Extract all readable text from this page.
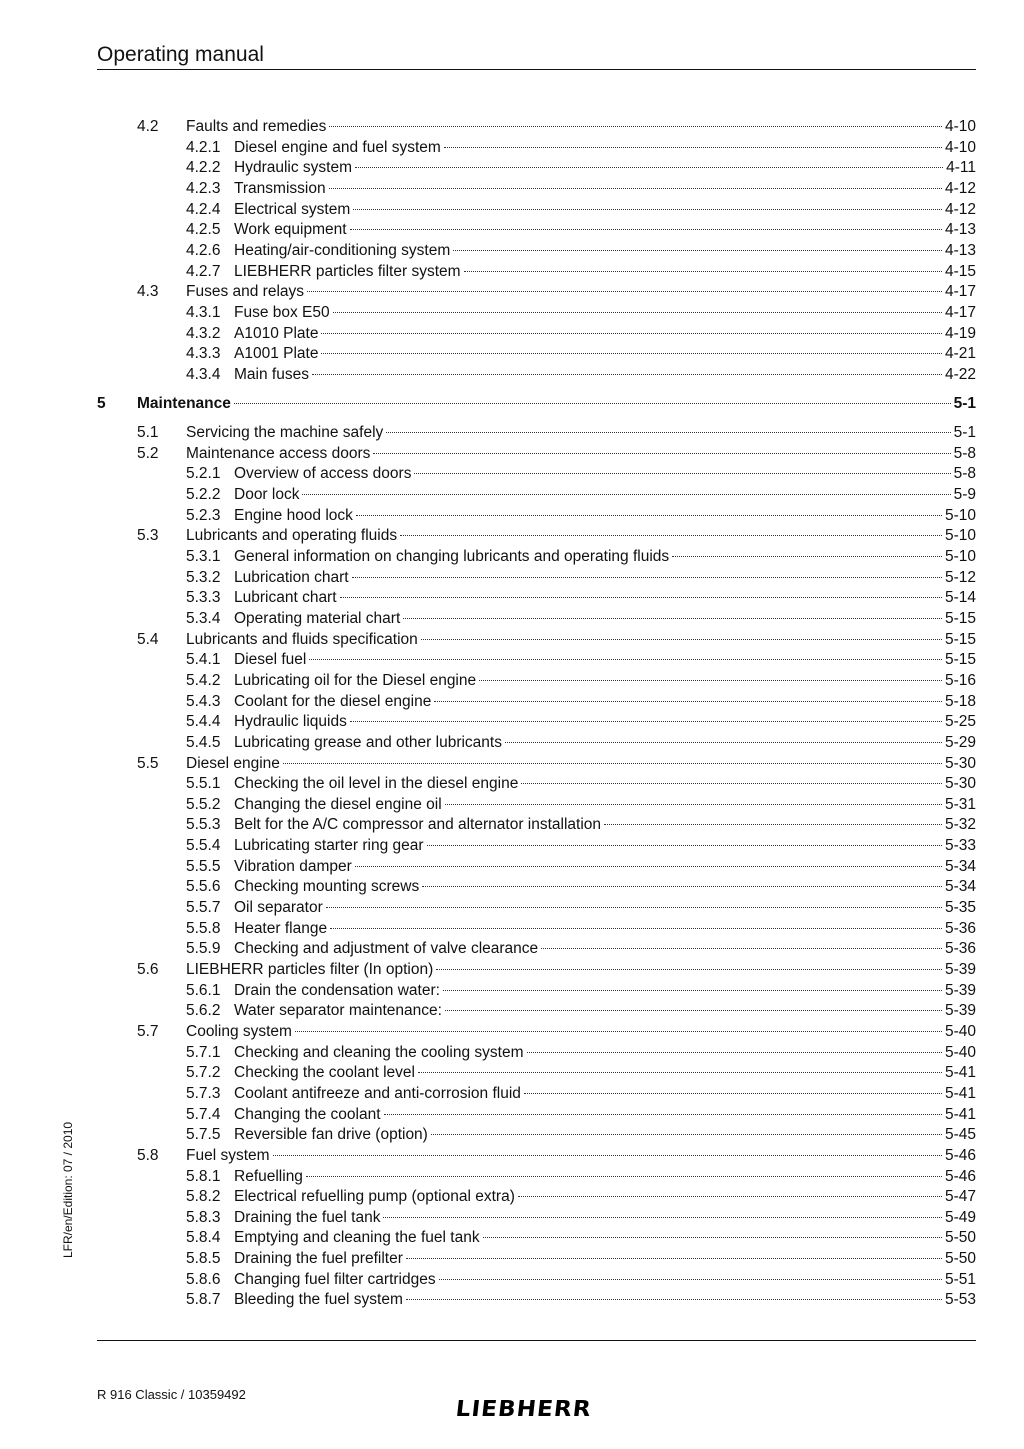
Operating manual
4.2 Faults and remedies	4-10
4.2.1 Diesel engine and fuel system	4-10
4.2.2 Hydraulic system	4-11
4.2.3 Transmission	4-12
4.2.4 Electrical system	4-12
4.2.5 Work equipment	4-13
4.2.6 Heating/air-conditioning system	4-13
4.2.7 LIEBHERR particles filter system	4-15
4.3 Fuses and relays	4-17
4.3.1 Fuse box E50	4-17
4.3.2 A1010 Plate	4-19
4.3.3 A1001 Plate	4-21
4.3.4 Main fuses	4-22
5 Maintenance	5-1
5.1 Servicing the machine safely	5-1
5.2 Maintenance access doors	5-8
5.2.1 Overview of access doors	5-8
5.2.2 Door lock	5-9
5.2.3 Engine hood lock	5-10
5.3 Lubricants and operating fluids	5-10
5.3.1 General information on changing lubricants and operating fluids	5-10
5.3.2 Lubrication chart	5-12
5.3.3 Lubricant chart	5-14
5.3.4 Operating material chart	5-15
5.4 Lubricants and fluids specification	5-15
5.4.1 Diesel fuel	5-15
5.4.2 Lubricating oil for the Diesel engine	5-16
5.4.3 Coolant for the diesel engine	5-18
5.4.4 Hydraulic liquids	5-25
5.4.5 Lubricating grease and other lubricants	5-29
5.5 Diesel engine	5-30
5.5.1 Checking the oil level in the diesel engine	5-30
5.5.2 Changing the diesel engine oil	5-31
5.5.3 Belt for the A/C compressor and alternator installation	5-32
5.5.4 Lubricating starter ring gear	5-33
5.5.5 Vibration damper	5-34
5.5.6 Checking mounting screws	5-34
5.5.7 Oil separator	5-35
5.5.8 Heater flange	5-36
5.5.9 Checking and adjustment of valve clearance	5-36
5.6 LIEBHERR particles filter (In option)	5-39
5.6.1 Drain the condensation water:	5-39
5.6.2 Water separator maintenance:	5-39
5.7 Cooling system	5-40
5.7.1 Checking and cleaning the cooling system	5-40
5.7.2 Checking the coolant level	5-41
5.7.3 Coolant antifreeze and anti-corrosion fluid	5-41
5.7.4 Changing the coolant	5-41
5.7.5 Reversible fan drive (option)	5-45
5.8 Fuel system	5-46
5.8.1 Refuelling	5-46
5.8.2 Electrical refuelling pump (optional extra)	5-47
5.8.3 Draining the fuel tank	5-49
5.8.4 Emptying and cleaning the fuel tank	5-50
5.8.5 Draining the fuel prefilter	5-50
5.8.6 Changing fuel filter cartridges	5-51
5.8.7 Bleeding the fuel system	5-53
LFR/en/Edition: 07 / 2010
R 916 Classic / 10359492
LIEBHERR
